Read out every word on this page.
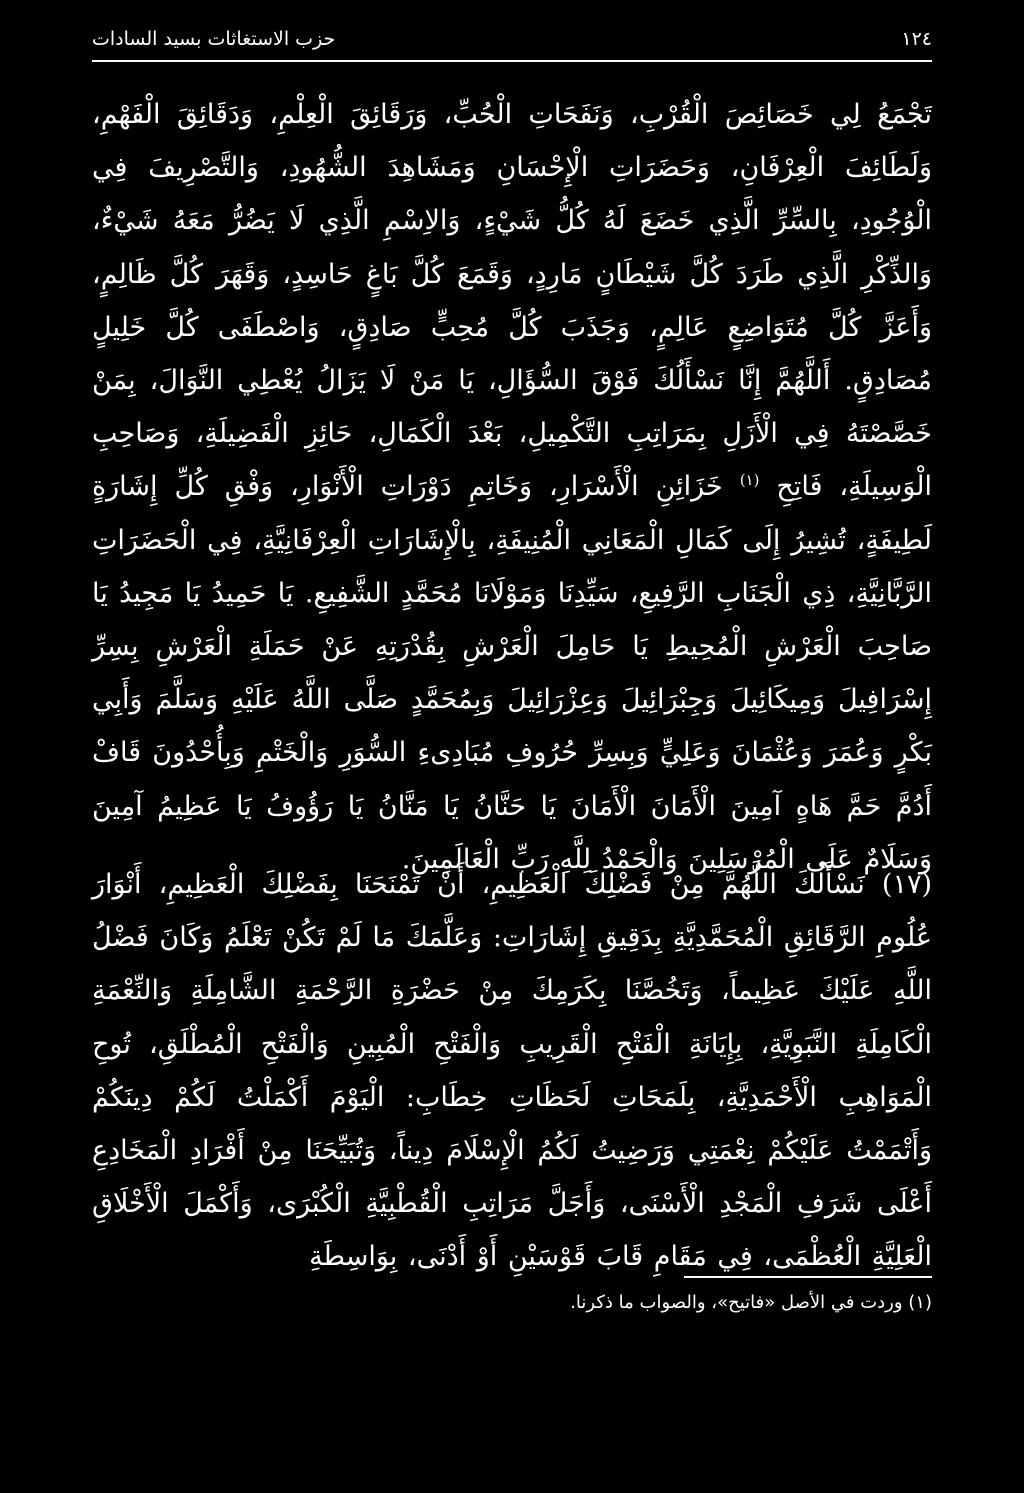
١٢٤
حزب الاستغاثات بسيد السادات

تَجْمَعُ لِي خَصَائِصَ الْقُرْبِ، وَنَفَحَاتِ الْحُبِّ، وَرَقَائِقَ الْعِلْمِ، وَدَقَائِقَ الْفَهْمِ، وَلَطَائِفَ الْعِرْفَانِ، وَحَضَرَاتِ الْإِحْسَانِ وَمَشَاهِدَ الشُّهُودِ، وَالتَّصْرِيفَ فِي الْوُجُودِ، بِالسِّرِّ الَّذِي خَضَعَ لَهُ كُلُّ شَيْءٍ، وَالاِسْمِ الَّذِي لَا يَضُرُّ مَعَهُ شَيْءٌ، وَالذِّكْرِ الَّذِي طَرَدَ كُلَّ شَيْطَانٍ مَارِدٍ، وَقَمَعَ كُلَّ بَاغٍ حَاسِدٍ، وَقَهَرَ كُلَّ ظَالِمٍ، وَأَعَزَّ كُلَّ مُتَوَاضِعٍ عَالِمٍ، وَجَذَبَ كُلَّ مُحِبٍّ صَادِقٍ، وَاصْطَفَى كُلَّ خَلِيلٍ مُصَادِقٍ. أَللَّهُمَّ إِنَّا نَسْأَلُكَ فَوْقَ السُّؤَالِ، يَا مَنْ لَا يَزَالُ يُعْطِي النَّوَالَ، بِمَنْ خَصَّصْتَهُ فِي الْأَزَلِ بِمَرَاتِبِ التَّكْمِيلِ، بَعْدَ الْكَمَالِ، حَائِزِ الْفَضِيلَةِ، وَصَاحِبِ الْوَسِيلَةِ، فَاتِحِ $^{(١)}$ خَزَائِنِ الْأَسْرَارِ، وَخَاتِمِ دَوْرَاتِ الْأَنْوَارِ، وَفْقِ كُلِّ إِشَارَةٍ لَطِيفَةٍ، تُشِيرُ إِلَى كَمَالِ الْمَعَانِي الْمُنِيفَةِ، بِالْإِشَارَاتِ الْعِرْفَانِيَّةِ، فِي الْحَضَرَاتِ الرَّبَّانِيَّةِ، ذِي الْجَنَابِ الرَّفِيعِ، سَيِّدِنَا وَمَوْلَانَا مُحَمَّدٍ الشَّفِيعِ. يَا حَمِيدُ يَا مَجِيدُ يَا صَاحِبَ الْعَرْشِ الْمُحِيطِ يَا حَامِلَ الْعَرْشِ بِقُدْرَتِهِ عَنْ حَمَلَةِ الْعَرْشِ بِسِرِّ إِسْرَافِيلَ وَمِيكَائِيلَ وَجِبْرَائِيلَ وَعِزْرَائِيلَ وَبِمُحَمَّدٍ صَلَّى اللَّهُ عَلَيْهِ وَسَلَّمَ وَأَبِي بَكْرٍ وَعُمَرَ وَعُثْمَانَ وَعَلِيٍّ وَبِسِرِّ حُرُوفِ مُبَادِىءِ السُّوَرِ وَالْخَتْمِ وَبِأُحْدُونَ قَافْ أَدُمَّ حَمَّ هَاهٍ آمِينَ الْأَمَانَ الْأَمَانَ يَا حَنَّانُ يَا مَنَّانُ يَا رَؤُوفُ يَا عَظِيمُ آمِينَ وَسَلَامٌ عَلَى الْمُرْسَلِينَ وَالْحَمْدُ لِلَّهِ رَبِّ الْعَالَمِينَ.

(١٧) نَسْأَلُكَ اللَّهُمَّ مِنْ فَضْلِكَ الْعَظِيمِ، أَنْ تَمْنَحَنَا بِفَضْلِكَ الْعَظِيمِ، أَنْوَارَ عُلُومِ الرَّقَائِقِ الْمُحَمَّدِيَّةِ بِدَقِيقِ إِشَارَاتِ: وَعَلَّمَكَ مَا لَمْ تَكُنْ تَعْلَمُ وَكَانَ فَضْلُ اللَّهِ عَلَيْكَ عَظِيماً، وَتَخُصَّنَا بِكَرَمِكَ مِنْ حَضْرَةِ الرَّحْمَةِ الشَّامِلَةِ وَالنِّعْمَةِ الْكَامِلَةِ النَّبَوِيَّةِ، بِإِيَانَةِ الْفَتْحِ الْقَرِيبِ وَالْفَتْحِ الْمُبِينِ وَالْفَتْحِ الْمُطْلَقِ، تُوحِ الْمَوَاهِبِ الْأَحْمَدِيَّةِ، بِلَمَحَاتِ لَحَظَاتِ خِطَابِ: الْيَوْمَ أَكْمَلْتُ لَكُمْ دِينَكُمْ وَأَتْمَمْتُ عَلَيْكُمْ نِعْمَتِي وَرَضِيتُ لَكُمُ الْإِسْلَامَ دِيناً، وَتُبَيِّحَنَا مِنْ أَفْرَادِ الْمَخَادِعِ أَعْلَى شَرَفِ الْمَجْدِ الْأَسْنَى، وَأَجَلَّ مَرَاتِبِ الْقُطْبِيَّةِ الْكُبْرَى، وَأَكْمَلَ الْأَخْلَاقِ الْعَلِيَّةِ الْعُظْمَى، فِي مَقَامِ قَابَ قَوْسَيْنِ أَوْ أَدْنَى، بِوَاسِطَةِ

(١) وردت في الأصل «فاتيح»، والصواب ما ذكرنا.
